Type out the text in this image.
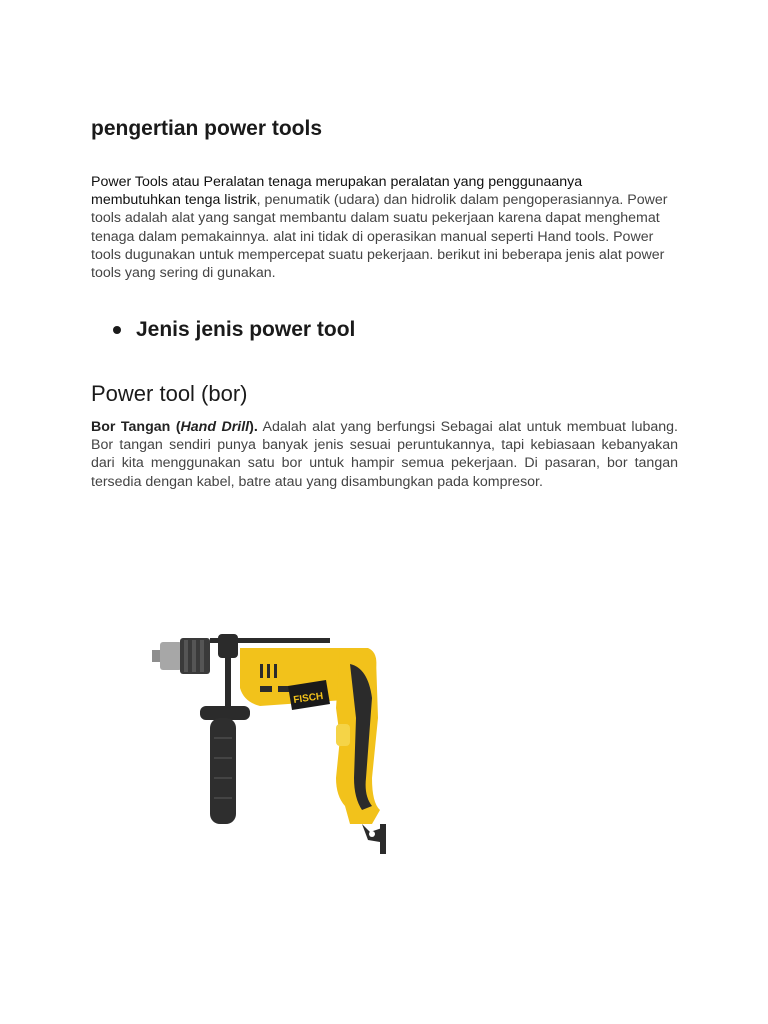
pengertian power tools

Power Tools atau Peralatan tenaga merupakan peralatan yang penggunaanya membutuhkan tenga listrik, penumatik (udara) dan hidrolik dalam pengoperasiannya. Power tools adalah alat yang sangat membantu dalam suatu pekerjaan karena dapat menghemat tenaga dalam pemakainnya. alat ini tidak di operasikan manual seperti Hand tools. Power tools dugunakan untuk mempercepat suatu pekerjaan. berikut ini beberapa jenis alat power tools yang sering di gunakan.

Jenis jenis power tool
Power tool (bor)

Bor Tangan (Hand Drill). Adalah alat yang berfungsi Sebagai alat untuk membuat lubang. Bor tangan sendiri punya banyak jenis sesuai peruntukannya, tapi kebiasaan kebanyakan dari kita menggunakan satu bor untuk hampir semua pekerjaan. Di pasaran, bor tangan tersedia dengan kabel, batre atau yang disambungkan pada kompresor.

FISCH
